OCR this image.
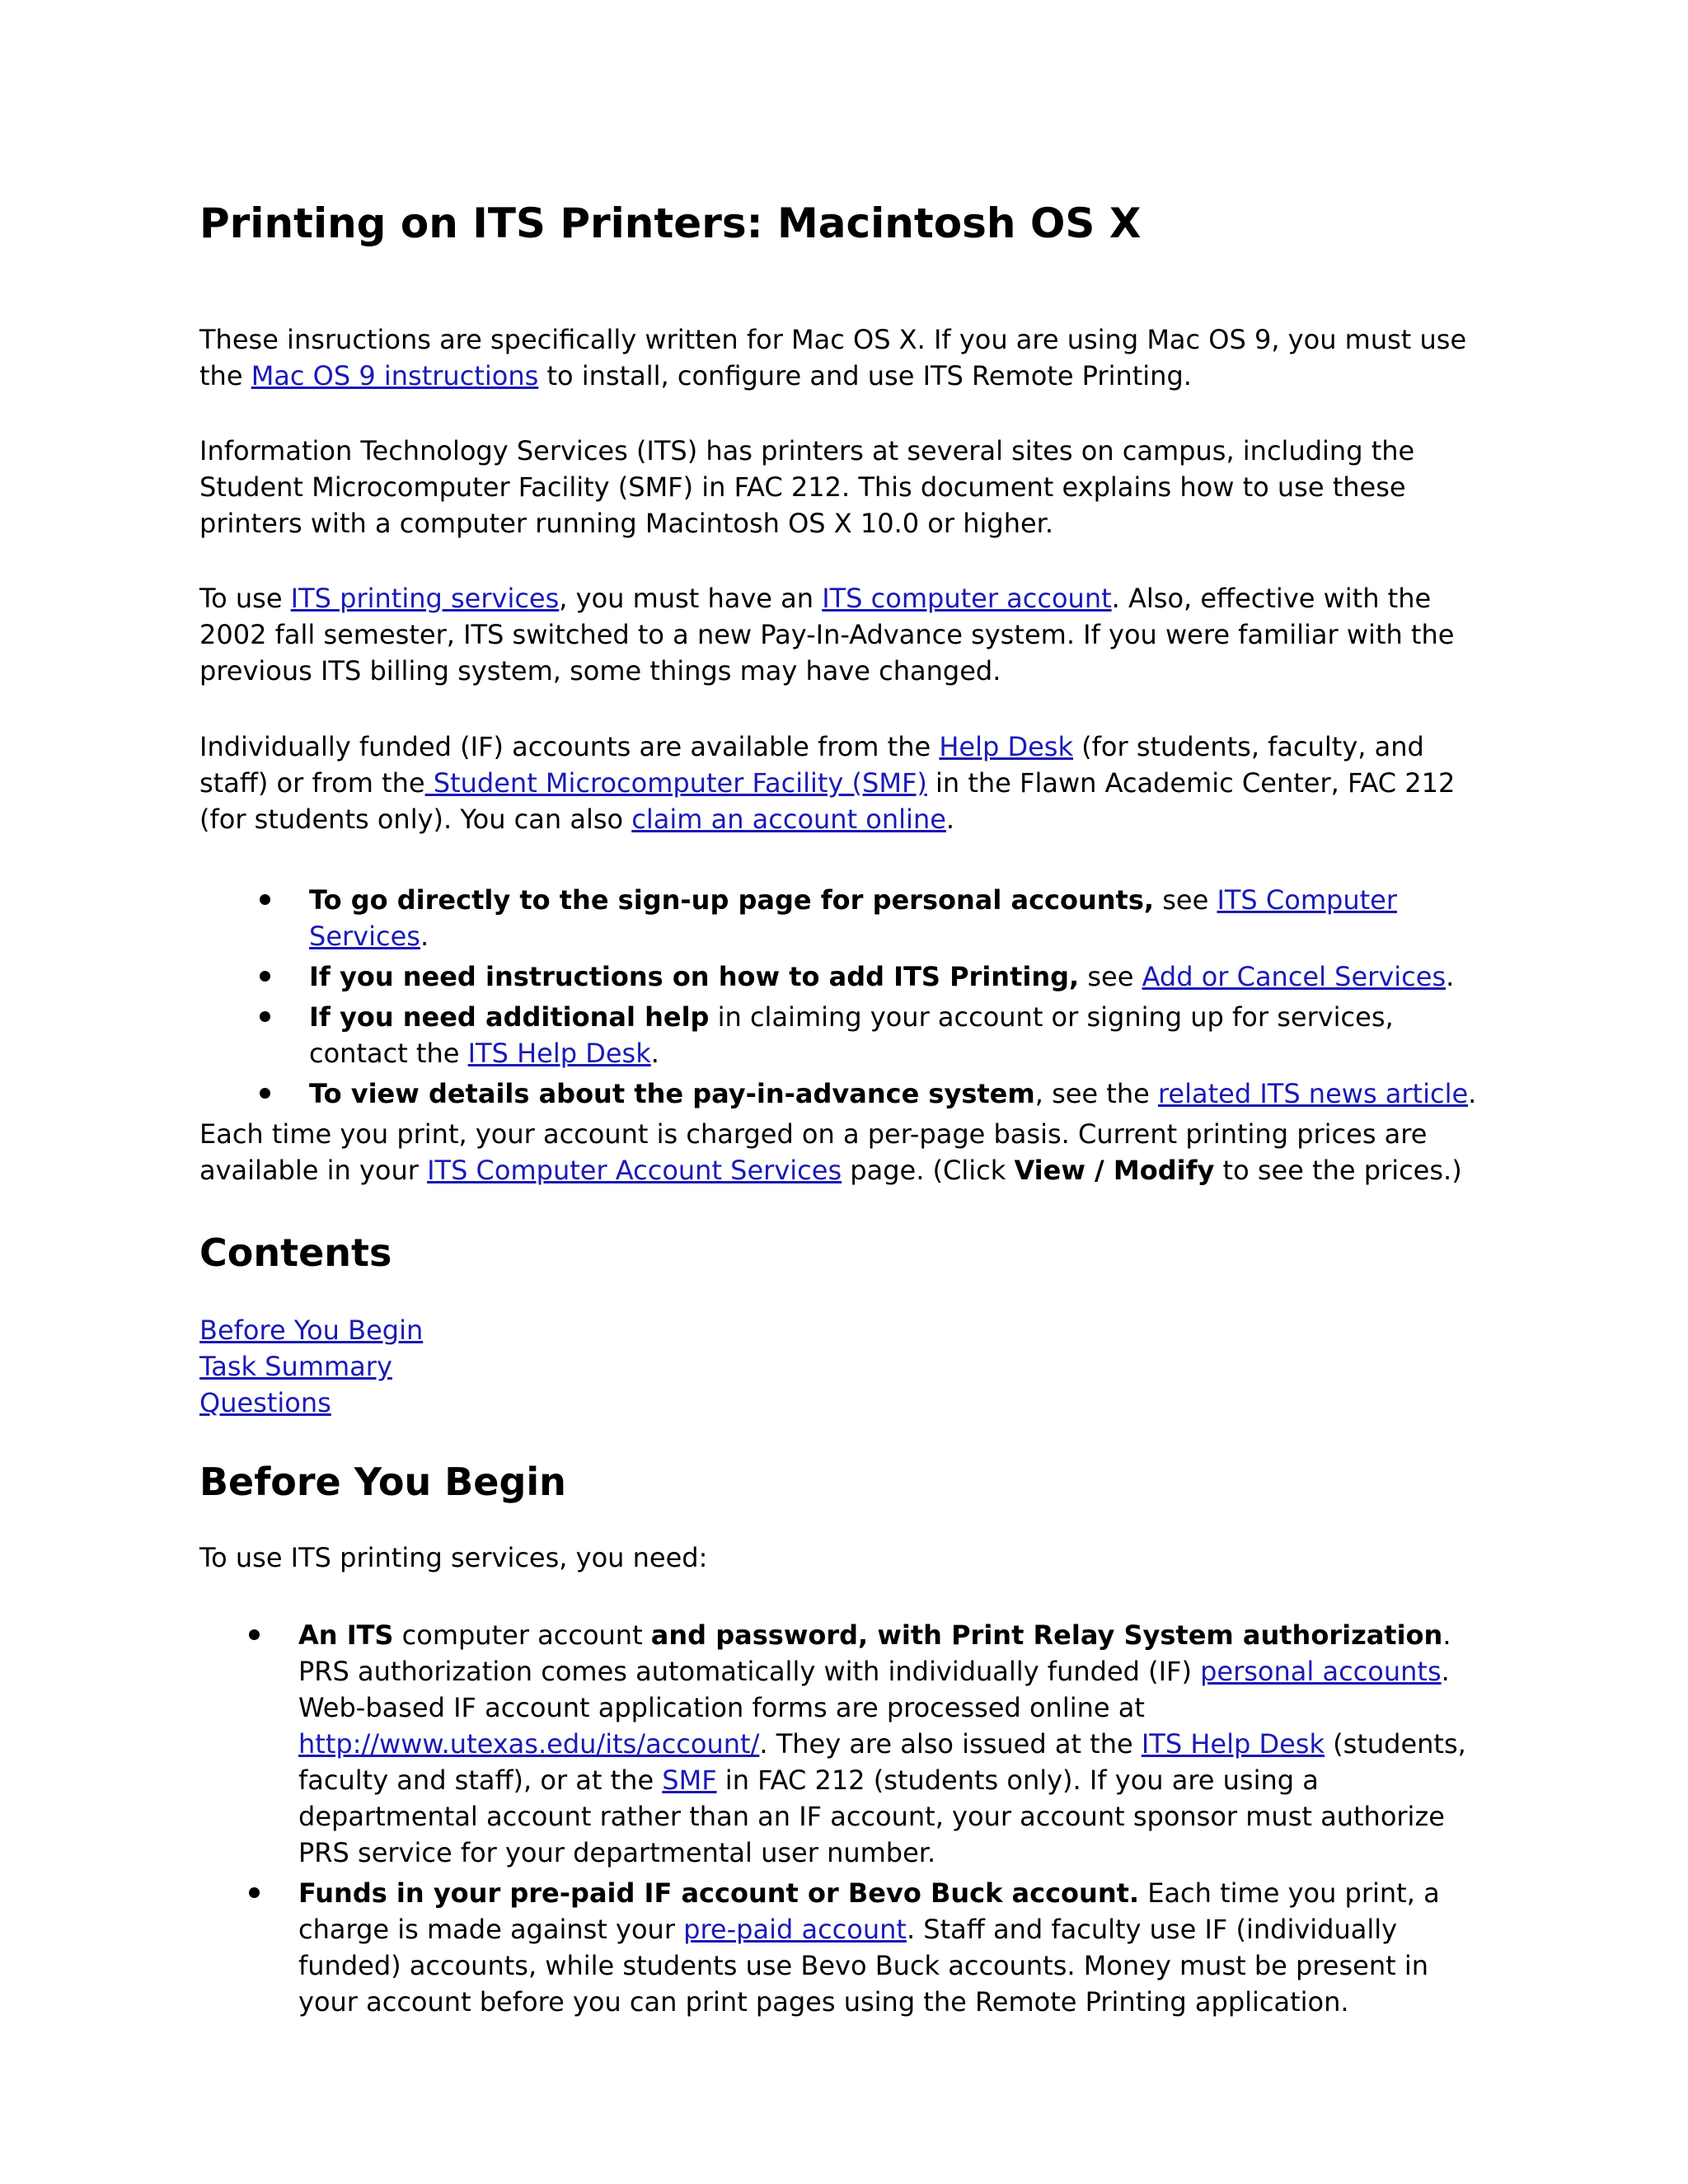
Printing on ITS Printers: Macintosh OS X

These insructions are specifically written for Mac OS X. If you are using Mac OS 9, you must use the Mac OS 9 instructions to install, configure and use ITS Remote Printing.

Information Technology Services (ITS) has printers at several sites on campus, including the Student Microcomputer Facility (SMF) in FAC 212. This document explains how to use these printers with a computer running Macintosh OS X 10.0 or higher.

To use ITS printing services, you must have an ITS computer account. Also, effective with the 2002 fall semester, ITS switched to a new Pay-In-Advance system. If you were familiar with the previous ITS billing system, some things may have changed.

Individually funded (IF) accounts are available from the Help Desk (for students, faculty, and staff) or from the Student Microcomputer Facility (SMF) in the Flawn Academic Center, FAC 212 (for students only). You can also claim an account online.

To go directly to the sign-up page for personal accounts, see ITS Computer Services.
If you need instructions on how to add ITS Printing, see Add or Cancel Services.
If you need additional help in claiming your account or signing up for services, contact the ITS Help Desk.
To view details about the pay-in-advance system, see the related ITS news article.

Each time you print, your account is charged on a per-page basis. Current printing prices are available in your ITS Computer Account Services page. (Click View / Modify to see the prices.)

Contents
Before You Begin
Task Summary
Questions
Before You Begin

To use ITS printing services, you need:

An ITS computer account and password, with Print Relay System authorization. PRS authorization comes automatically with individually funded (IF) personal accounts. Web-based IF account application forms are processed online at http://www.utexas.edu/its/account/. They are also issued at the ITS Help Desk (students, faculty and staff), or at the SMF in FAC 212 (students only). If you are using a departmental account rather than an IF account, your account sponsor must authorize PRS service for your departmental user number.
Funds in your pre-paid IF account or Bevo Buck account. Each time you print, a charge is made against your pre-paid account. Staff and faculty use IF (individually funded) accounts, while students use Bevo Buck accounts. Money must be present in your account before you can print pages using the Remote Printing application.
